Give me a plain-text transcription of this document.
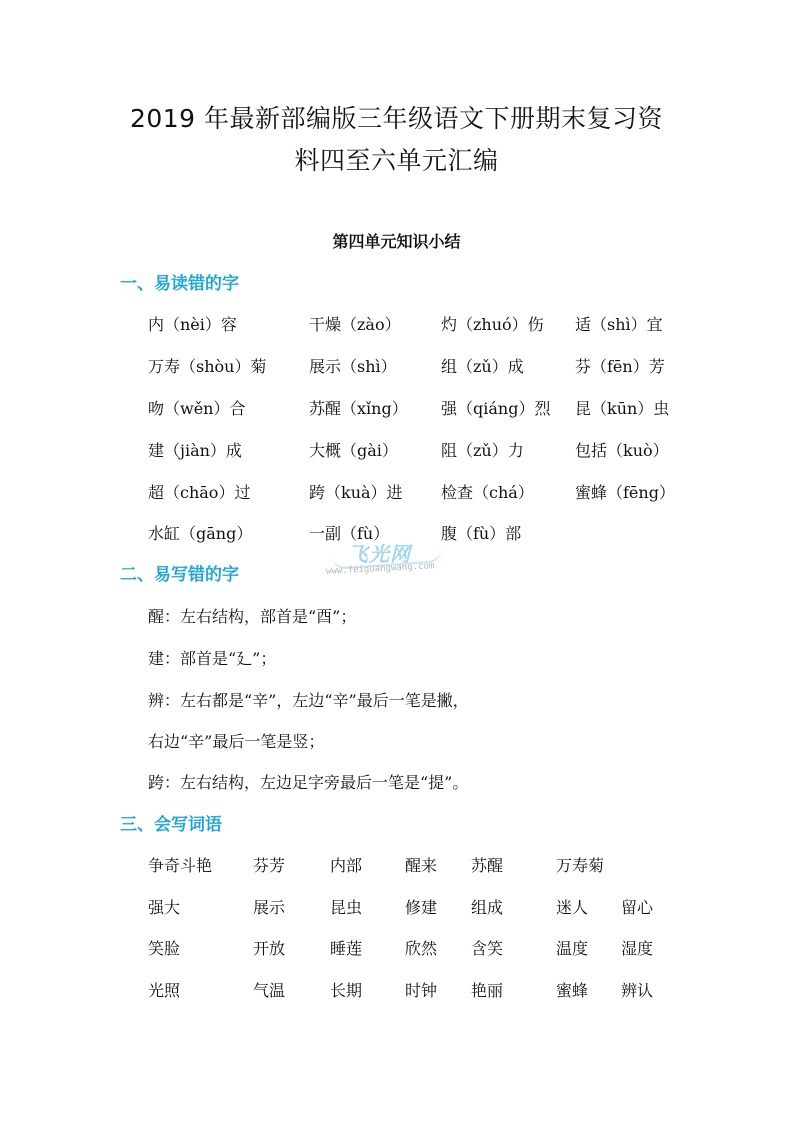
2019 年最新部编版三年级语文下册期末复习资
料四至六单元汇编
第四单元知识小结
一、易读错的字
内（nèi）容	干燥（zào）	灼（zhuó）伤 适（shì）宜
万寿（shòu）菊	展示（shì）	组（zǔ）成	芬（fēn）芳
吻（wěn）合	苏醒（xǐng） 强（qiáng）烈 昆（kūn）虫
建（jiàn）成	大概（gài）	阻（zǔ）力	包括（kuò）
超（chāo）过	跨（kuà）进 检查（chá）	蜜蜂（fēng）
水缸（gāng）	一副（fù）	腹（fù）部
飞光网
www.feiguangwang.com
二、易写错的字
醒：左右结构，部首是“酉”；
建：部首是“廴”；
辨：左右都是“辛”，左边“辛”最后一笔是撇，
右边“辛”最后一笔是竖；
跨：左右结构，左边足字旁最后一笔是“提”。
三、会写词语
争奇斗艳	芬芳	内部	醒来 苏醒	万寿菊
强大	展示	昆虫	修建 组成	迷人 留心
笑脸	开放	睡莲	欣然 含笑	温度 湿度
光照	气温	长期	时钟 艳丽	蜜蜂 辨认
